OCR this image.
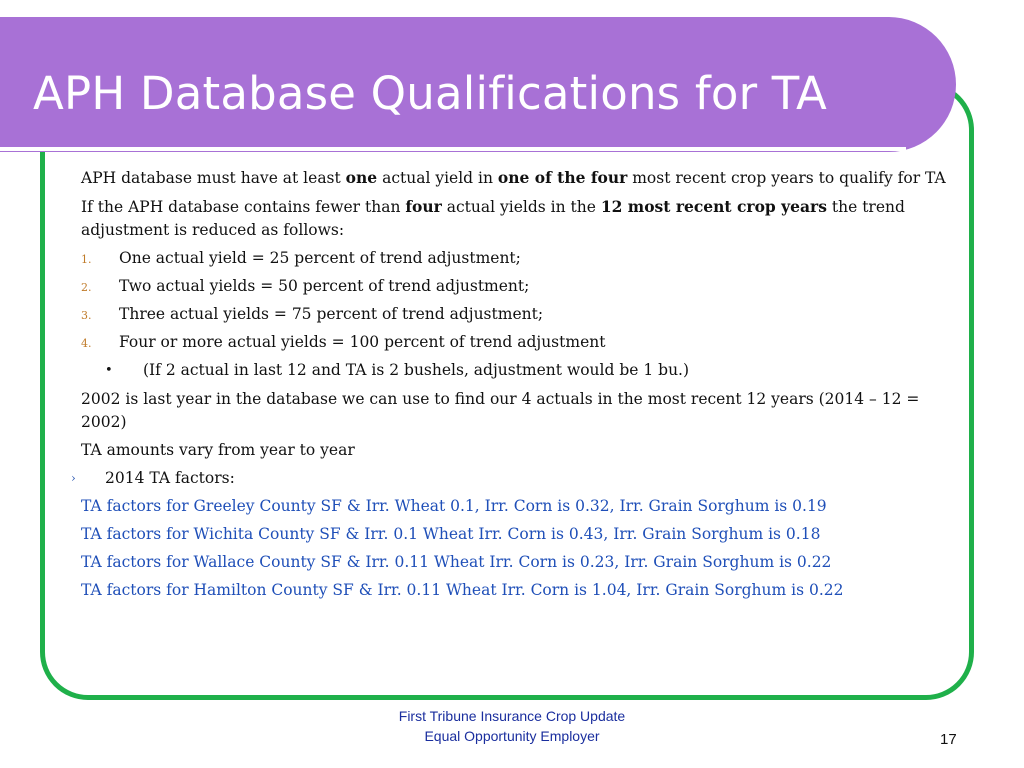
APH Database Qualifications for TA

APH database must have at least one actual yield in one of the four most recent crop years to qualify for TA

If the APH database contains fewer than four actual yields in the 12 most recent crop years the trend adjustment is reduced as follows:

1. One actual yield = 25 percent of trend adjustment;
2. Two actual yields = 50 percent of trend adjustment;
3. Three actual yields = 75 percent of trend adjustment;
4. Four or more actual yields = 100 percent of trend adjustment
• (If 2 actual in last 12 and TA is 2 bushels, adjustment would be 1 bu.)

2002 is last year in the database we can use to find our 4 actuals in the most recent 12 years (2014 – 12 = 2002)

TA amounts vary from year to year

› 2014 TA factors:

TA factors for Greeley County SF & Irr. Wheat 0.1, Irr. Corn is 0.32, Irr. Grain Sorghum is 0.19

TA factors for Wichita County SF & Irr. 0.1 Wheat Irr. Corn is 0.43, Irr. Grain Sorghum is 0.18

TA factors for Wallace County SF & Irr. 0.11 Wheat Irr. Corn is 0.23, Irr. Grain Sorghum is 0.22

TA factors for Hamilton County SF & Irr. 0.11 Wheat Irr. Corn is 1.04, Irr. Grain Sorghum is 0.22

First Tribune Insurance Crop Update
Equal Opportunity Employer	17
